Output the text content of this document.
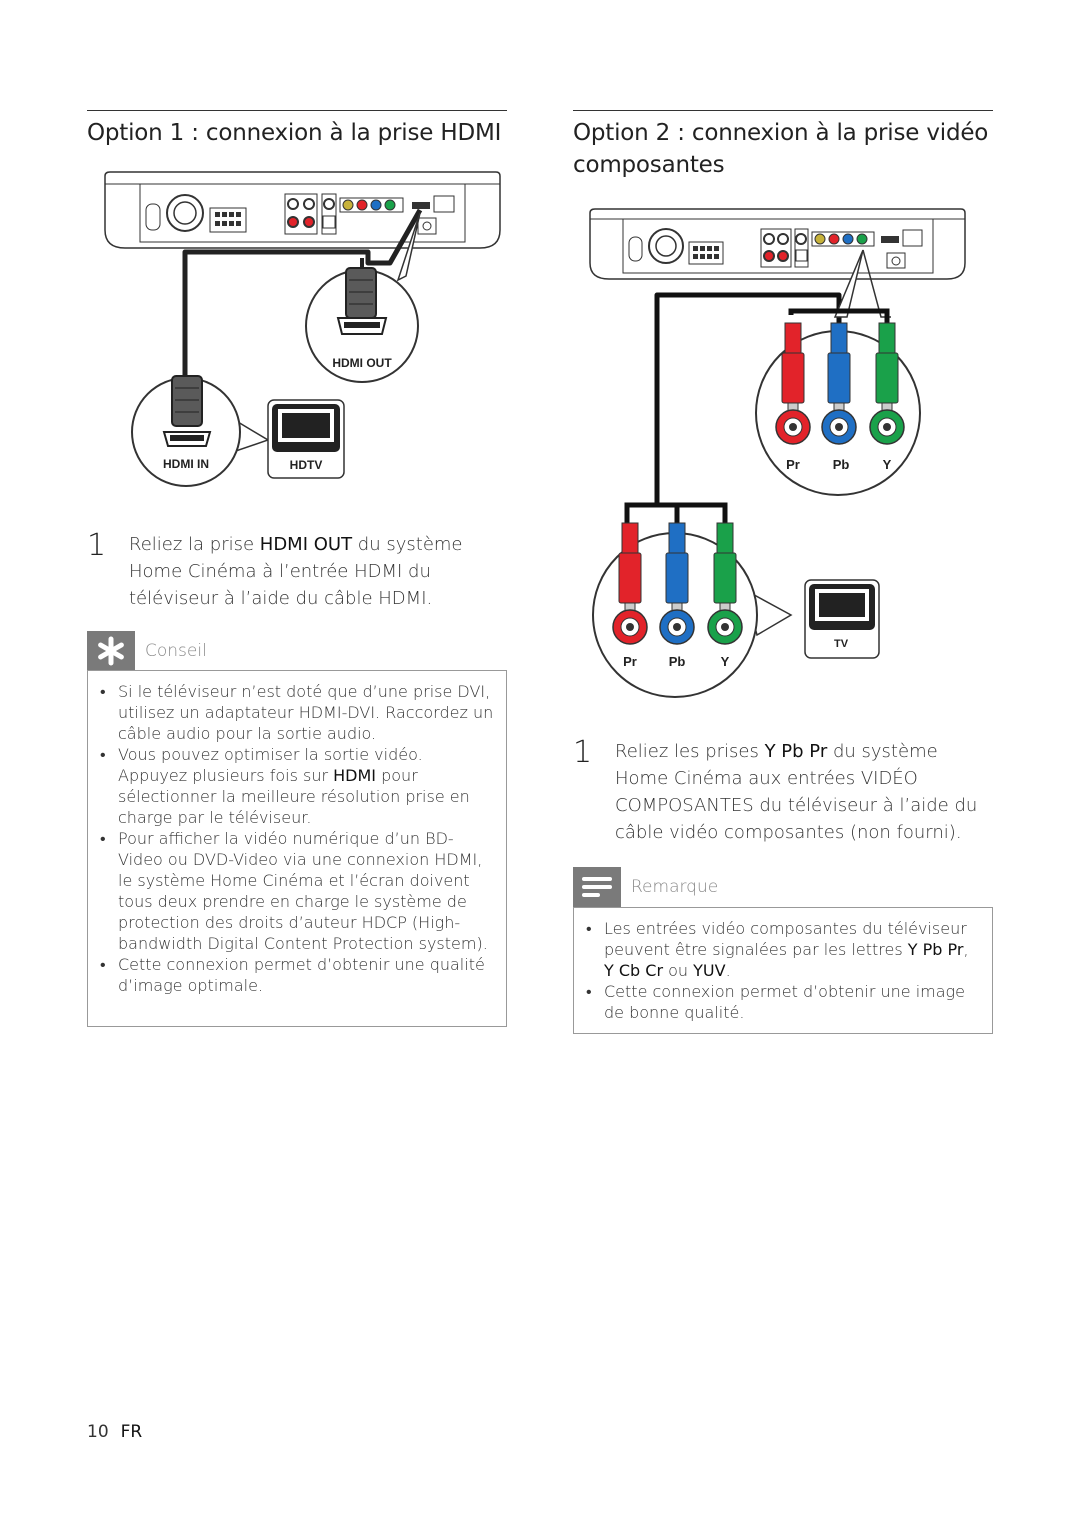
Option 1 : connexion à la prise HDMI
HDMI OUT
HDMI IN	HDTV
1	Reliez la prise HDMI OUT du système Home Cinéma à l’entrée HDMI du téléviseur à l’aide du câble HDMI.
Conseil
• Si le téléviseur n’est doté que d’une prise DVI, utilisez un adaptateur HDMI-DVI. Raccordez un câble audio pour la sortie audio.
• Vous pouvez optimiser la sortie vidéo. Appuyez plusieurs fois sur HDMI pour sélectionner la meilleure résolution prise en charge par le téléviseur.
• Pour afficher la vidéo numérique d’un BD-Video ou DVD-Video via une connexion HDMI, le système Home Cinéma et l’écran doivent tous deux prendre en charge le système de protection des droits d’auteur HDCP (High-bandwidth Digital Content Protection system).
• Cette connexion permet d’obtenir une qualité d’image optimale.
Option 2 : connexion à la prise vidéo composantes
Pr	Pb	Y
Pr Pb	Y
TV
1	Reliez les prises Y Pb Pr du système Home Cinéma aux entrées VIDÉO COMPOSANTES du téléviseur à l’aide du câble vidéo composantes (non fourni).
Remarque
• Les entrées vidéo composantes du téléviseur peuvent être signalées par les lettres Y Pb Pr, Y Cb Cr ou YUV.
• Cette connexion permet d’obtenir une image de bonne qualité.
10 FR
